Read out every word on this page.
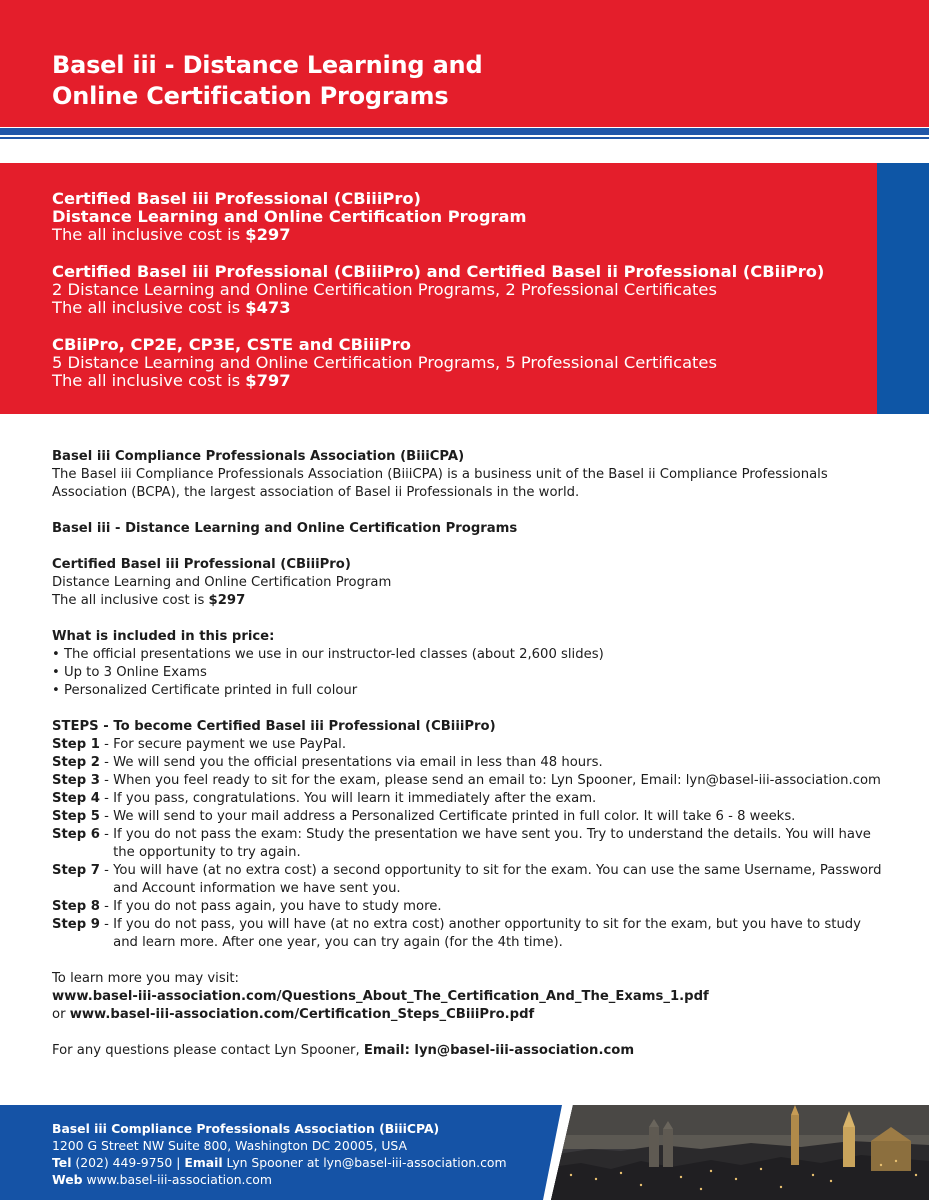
Basel iii - Distance Learning and
Online Certification Programs
Certified Basel iii Professional (CBiiiPro)
Distance Learning and Online Certification Program
The all inclusive cost is $297
Certified Basel iii Professional (CBiiiPro) and Certified Basel ii Professional (CBiiPro)
2 Distance Learning and Online Certification Programs, 2 Professional Certificates
The all inclusive cost is $473
CBiiPro, CP2E, CP3E, CSTE and CBiiiPro
5 Distance Learning and Online Certification Programs, 5 Professional Certificates
The all inclusive cost is $797
Basel iii Compliance Professionals Association (BiiiCPA)
The Basel iii Compliance Professionals Association (BiiiCPA) is a business unit of the Basel ii Compliance Professionals Association (BCPA), the largest association of Basel ii Professionals in the world.
Basel iii - Distance Learning and Online Certification Programs
Certified Basel iii Professional (CBiiiPro)
Distance Learning and Online Certification Program
The all inclusive cost is $297
What is included in this price:
• The official presentations we use in our instructor-led classes (about 2,600 slides)
• Up to 3 Online Exams
• Personalized Certificate printed in full colour
STEPS - To become Certified Basel iii Professional (CBiiiPro)
Step 1 - For secure payment we use PayPal.
Step 2 - We will send you the official presentations via email in less than 48 hours.
Step 3 - When you feel ready to sit for the exam, please send an email to: Lyn Spooner, Email: lyn@basel-iii-association.com
Step 4 - If you pass, congratulations. You will learn it immediately after the exam.
Step 5 - We will send to your mail address a Personalized Certificate printed in full color. It will take 6 - 8 weeks.
Step 6 - If you do not pass the exam: Study the presentation we have sent you. Try to understand the details. You will have
the opportunity to try again.
Step 7 - You will have (at no extra cost) a second opportunity to sit for the exam. You can use the same Username, Password
and Account information we have sent you.
Step 8 - If you do not pass again, you have to study more.
Step 9 - If you do not pass, you will have (at no extra cost) another opportunity to sit for the exam, but you have to study
and learn more. After one year, you can try again (for the 4th time).
To learn more you may visit:
www.basel-iii-association.com/Questions_About_The_Certification_And_The_Exams_1.pdf
or www.basel-iii-association.com/Certification_Steps_CBiiiPro.pdf
For any questions please contact Lyn Spooner, Email: lyn@basel-iii-association.com
Basel iii Compliance Professionals Association (BiiiCPA)
1200 G Street NW Suite 800, Washington DC 20005, USA
Tel (202) 449-9750 | Email Lyn Spooner at lyn@basel-iii-association.com
Web www.basel-iii-association.com
